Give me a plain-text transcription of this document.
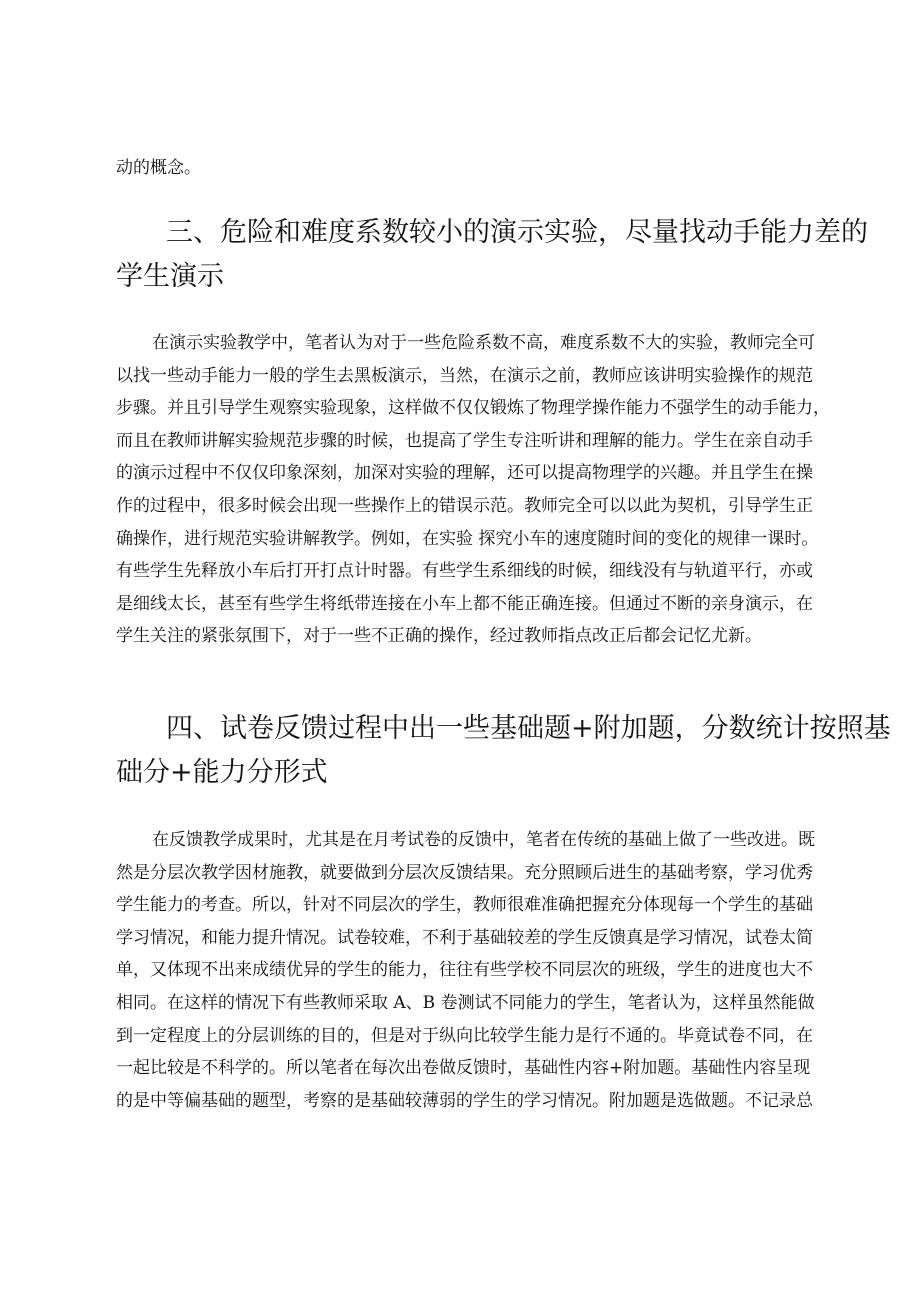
动的概念。

三、危险和难度系数较小的演示实验，尽量找动手能力差的
学生演示

在演示实验教学中，笔者认为对于一些危险系数不高，难度系数不大的实验，教师完全可
以找一些动手能力一般的学生去黑板演示，当然，在演示之前，教师应该讲明实验操作的规范
步骤。并且引导学生观察实验现象，这样做不仅仅锻炼了物理学操作能力不强学生的动手能力，
而且在教师讲解实验规范步骤的时候，也提高了学生专注听讲和理解的能力。学生在亲自动手
的演示过程中不仅仅印象深刻，加深对实验的理解，还可以提高物理学的兴趣。并且学生在操
作的过程中，很多时候会出现一些操作上的错误示范。教师完全可以以此为契机，引导学生正
确操作，进行规范实验讲解教学。例如，在实验 探究小车的速度随时间的变化的规律一课时。
有些学生先释放小车后打开打点计时器。有些学生系细线的时候，细线没有与轨道平行，亦或
是细线太长，甚至有些学生将纸带连接在小车上都不能正确连接。但通过不断的亲身演示，在
学生关注的紧张氛围下，对于一些不正确的操作，经过教师指点改正后都会记忆尤新。

四、试卷反馈过程中出一些基础题+附加题，分数统计按照基
础分+能力分形式

在反馈教学成果时，尤其是在月考试卷的反馈中，笔者在传统的基础上做了一些改进。既
然是分层次教学因材施教，就要做到分层次反馈结果。充分照顾后进生的基础考察，学习优秀
学生能力的考查。所以，针对不同层次的学生，教师很难准确把握充分体现每一个学生的基础
学习情况，和能力提升情况。试卷较难，不利于基础较差的学生反馈真是学习情况，试卷太简
单，又体现不出来成绩优异的学生的能力，往往有些学校不同层次的班级，学生的进度也大不
相同。在这样的情况下有些教师采取 A、B 卷测试不同能力的学生，笔者认为，这样虽然能做
到一定程度上的分层训练的目的，但是对于纵向比较学生能力是行不通的。毕竟试卷不同，在
一起比较是不科学的。所以笔者在每次出卷做反馈时，基础性内容+附加题。基础性内容呈现
的是中等偏基础的题型，考察的是基础较薄弱的学生的学习情况。附加题是选做题。不记录总
